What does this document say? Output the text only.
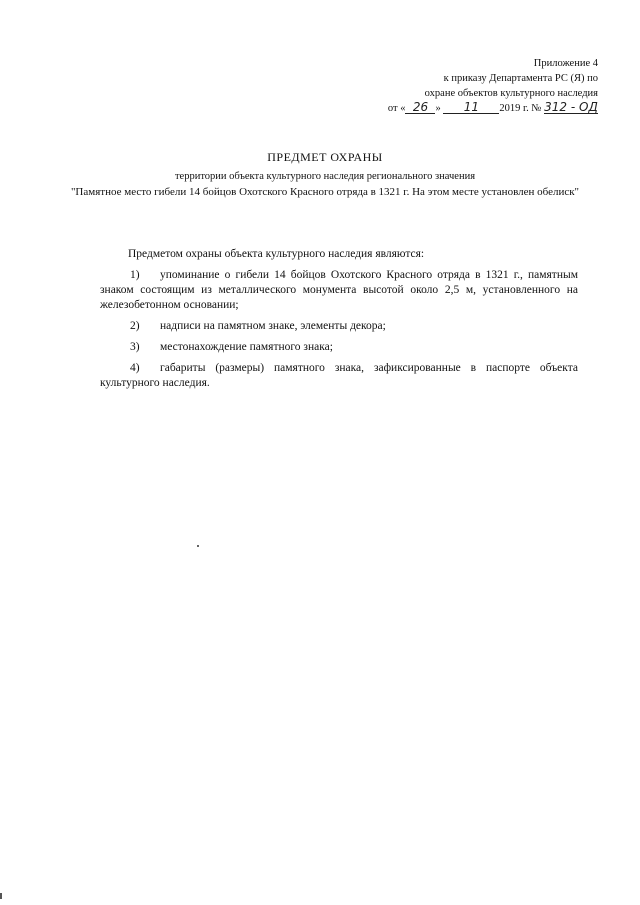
Приложение 4
к приказу Департамента РС (Я) по
охране объектов культурного наследия
от « 26 » 11 2019 г. № 312 - ОД
ПРЕДМЕТ ОХРАНЫ
территории объекта культурного наследия регионального значения
"Памятное место гибели 14 бойцов Охотского Красного отряда в 1321 г. На этом месте установлен обелиск"
Предметом охраны объекта культурного наследия являются:
1)	упоминание о гибели 14 бойцов Охотского Красного отряда в 1321 г., памятным знаком состоящим из металлического монумента высотой около 2,5 м, установленного на железобетонном основании;
2)	надписи на памятном знаке, элементы декора;
3)	местонахождение памятного знака;
4)	габариты (размеры) памятного знака, зафиксированные в паспорте объекта культурного наследия.
